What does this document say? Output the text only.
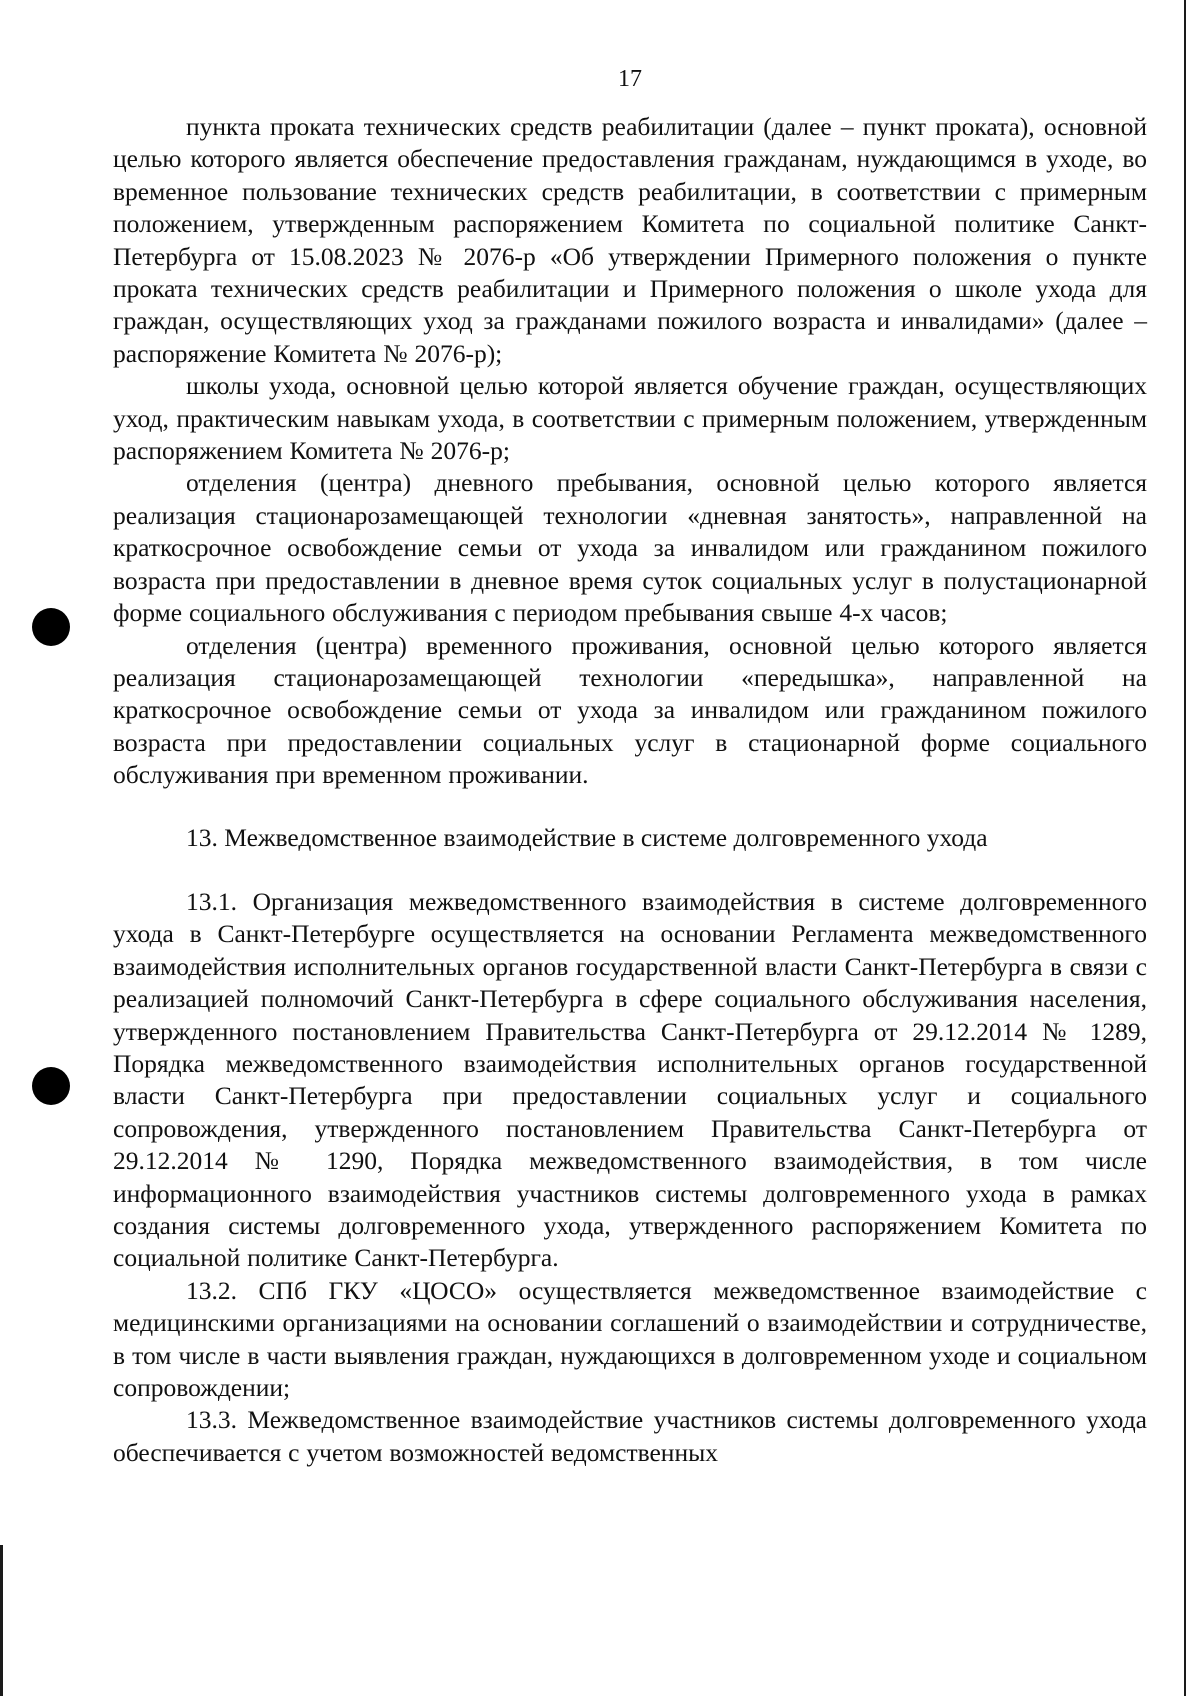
17

пункта проката технических средств реабилитации (далее – пункт проката), основной целью которого является обеспечение предоставления гражданам, нуждающимся в уходе, во временное пользование технических средств реабилитации, в соответствии с примерным положением, утвержденным распоряжением Комитета по социальной политике Санкт-Петербурга от 15.08.2023 № 2076-р «Об утверждении Примерного положения о пункте проката технических средств реабилитации и Примерного положения о школе ухода для граждан, осуществляющих уход за гражданами пожилого возраста и инвалидами» (далее – распоряжение Комитета № 2076-р);

школы ухода, основной целью которой является обучение граждан, осуществляющих уход, практическим навыкам ухода, в соответствии с примерным положением, утвержденным распоряжением Комитета № 2076-р;

отделения (центра) дневного пребывания, основной целью которого является реализация стационарозамещающей технологии «дневная занятость», направленной на краткосрочное освобождение семьи от ухода за инвалидом или гражданином пожилого возраста при предоставлении в дневное время суток социальных услуг в полустационарной форме социального обслуживания с периодом пребывания свыше 4-х часов;

отделения (центра) временного проживания, основной целью которого является реализация стационарозамещающей технологии «передышка», направленной на краткосрочное освобождение семьи от ухода за инвалидом или гражданином пожилого возраста при предоставлении социальных услуг в стационарной форме социального обслуживания при временном проживании.

13. Межведомственное взаимодействие в системе долговременного ухода

13.1. Организация межведомственного взаимодействия в системе долговременного ухода в Санкт-Петербурге осуществляется на основании Регламента межведомственного взаимодействия исполнительных органов государственной власти Санкт-Петербурга в связи с реализацией полномочий Санкт-Петербурга в сфере социального обслуживания населения, утвержденного постановлением Правительства Санкт-Петербурга от 29.12.2014 № 1289, Порядка межведомственного взаимодействия исполнительных органов государственной власти Санкт-Петербурга при предоставлении социальных услуг и социального сопровождения, утвержденного постановлением Правительства Санкт-Петербурга от 29.12.2014 № 1290, Порядка межведомственного взаимодействия, в том числе информационного взаимодействия участников системы долговременного ухода в рамках создания системы долговременного ухода, утвержденного распоряжением Комитета по социальной политике Санкт-Петербурга.

13.2. СПб ГКУ «ЦОСО» осуществляется межведомственное взаимодействие с медицинскими организациями на основании соглашений о взаимодействии и сотрудничестве, в том числе в части выявления граждан, нуждающихся в долговременном уходе и социальном сопровождении;

13.3. Межведомственное взаимодействие участников системы долговременного ухода обеспечивается с учетом возможностей ведомственных
